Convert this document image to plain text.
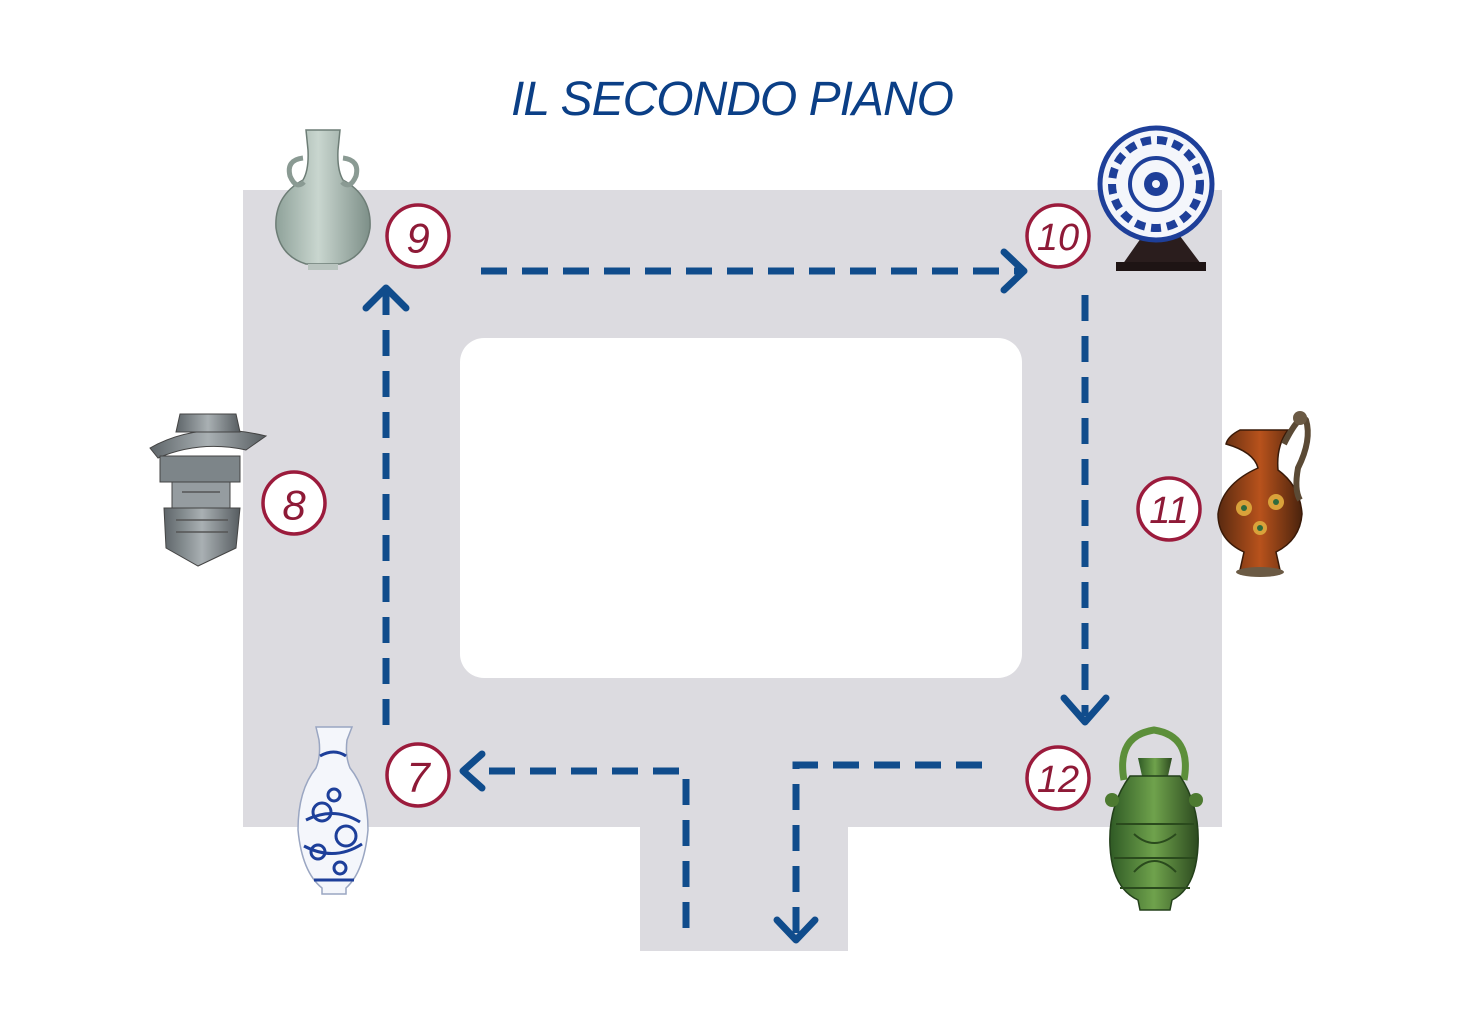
IL SECONDO PIANO
7
8
9	10
11
12
